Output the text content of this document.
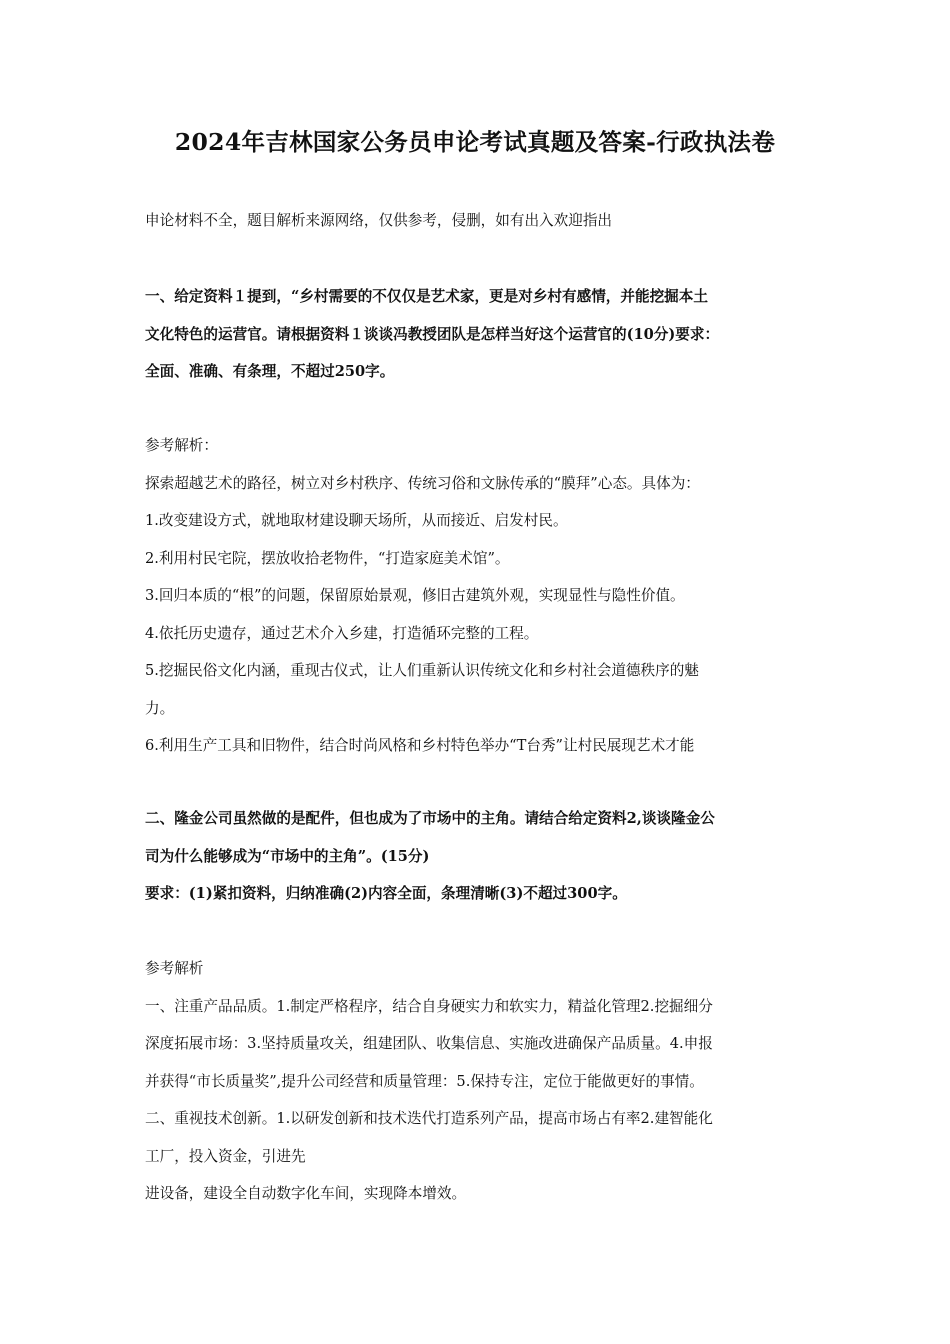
2024年吉林国家公务员申论考试真题及答案-行政执法卷
申论材料不全，题目解析来源网络，仅供参考，侵删，如有出入欢迎指出
一、给定资料１提到，“乡村需要的不仅仅是艺术家，更是对乡村有感情，并能挖掘本土
文化特色的运营官。请根据资料１谈谈冯教授团队是怎样当好这个运营官的(10分)要求：
全面、准确、有条理，不超过250字。
参考解析：
探索超越艺术的路径，树立对乡村秩序、传统习俗和文脉传承的“膜拜”心态。具体为：
1.改变建设方式，就地取材建设聊天场所，从而接近、启发村民。
2.利用村民宅院，摆放收拾老物件，“打造家庭美术馆”。
3.回归本质的“根”的问题，保留原始景观，修旧古建筑外观，实现显性与隐性价值。
4.依托历史遗存，通过艺术介入乡建，打造循环完整的工程。
5.挖掘民俗文化内涵，重现古仪式，让人们重新认识传统文化和乡村社会道德秩序的魅
力。
6.利用生产工具和旧物件，结合时尚风格和乡村特色举办“T台秀”让村民展现艺术才能
二、隆金公司虽然做的是配件，但也成为了市场中的主角。请结合给定资料2,谈谈隆金公
司为什么能够成为“市场中的主角”。(15分)
要求：(1)紧扣资料，归纳准确(2)内容全面，条理清晰(3)不超过300字。
参考解析
一、注重产品品质。1.制定严格程序，结合自身硬实力和软实力，精益化管理2.挖掘细分
深度拓展市场：3.坚持质量攻关，组建团队、收集信息、实施改进确保产品质量。4.申报
并获得“市长质量奖”,提升公司经营和质量管理：5.保持专注，定位于能做更好的事情。
二、重视技术创新。1.以研发创新和技术迭代打造系列产品，提高市场占有率2.建智能化
工厂，投入资金，引进先
进设备，建设全自动数字化车间，实现降本增效。
